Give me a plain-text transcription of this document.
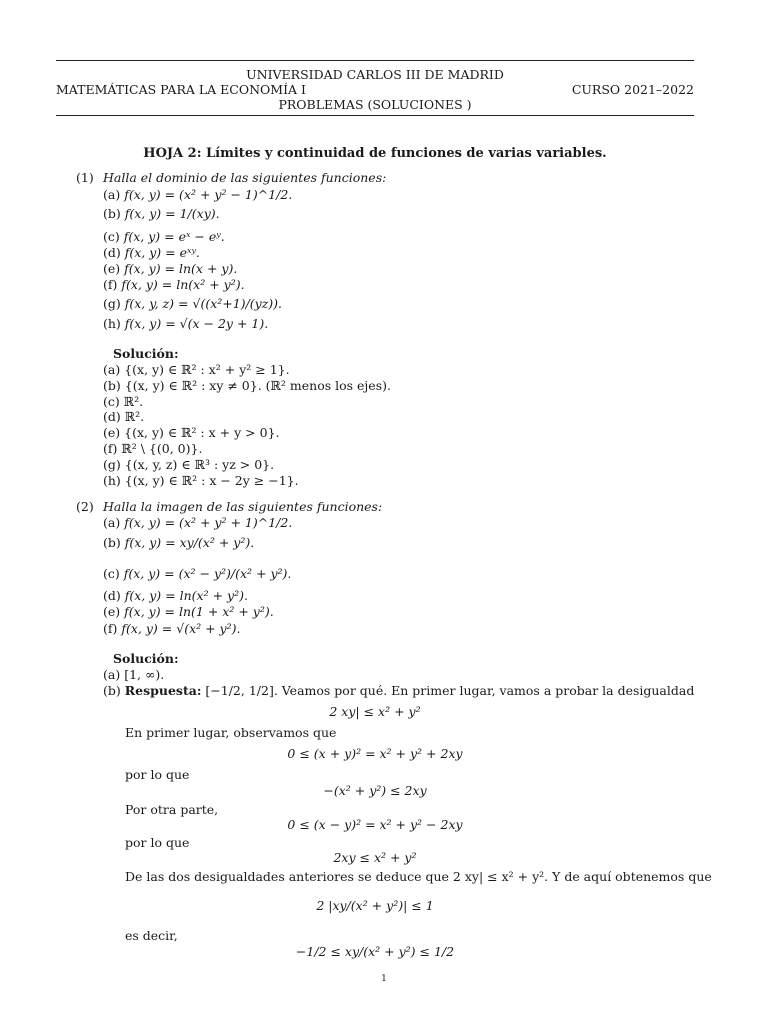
UNIVERSIDAD CARLOS III DE MADRID
MATEMÁTICAS PARA LA ECONOMÍA I	CURSO 2021–2022
PROBLEMAS (SOLUCIONES )
HOJA 2: Límites y continuidad de funciones de varias variables.
(1) Halla el dominio de las siguientes funciones:
(a) f(x, y) = (x² + y² − 1)^1/2.
(b) f(x, y) = 1/(xy).
(c) f(x, y) = eˣ − eʸ.
(d) f(x, y) = eˣʸ.
(e) f(x, y) = ln(x + y).
(f) f(x, y) = ln(x² + y²).
(g) f(x, y, z) = √((x²+1)/(yz)).
(h) f(x, y) = √(x − 2y + 1).
Solución:
(a) {(x, y) ∈ ℝ² : x² + y² ≥ 1}.
(b) {(x, y) ∈ ℝ² : xy ≠ 0}. (ℝ² menos los ejes).
(c) ℝ².
(d) ℝ².
(e) {(x, y) ∈ ℝ² : x + y > 0}.
(f) ℝ² \ {(0, 0)}.
(g) {(x, y, z) ∈ ℝ³ : yz > 0}.
(h) {(x, y) ∈ ℝ² : x − 2y ≥ −1}.
(2) Halla la imagen de las siguientes funciones:
(a) f(x, y) = (x² + y² + 1)^1/2.
(b) f(x, y) = xy/(x² + y²).
(c) f(x, y) = (x² − y²)/(x² + y²).
(d) f(x, y) = ln(x² + y²).
(e) f(x, y) = ln(1 + x² + y²).
(f) f(x, y) = √(x² + y²).
Solución:
(a) [1, ∞).
(b) Respuesta: [−1/2, 1/2]. Veamos por qué. En primer lugar, vamos a probar la desigualdad
2 xy| ≤ x² + y²
En primer lugar, observamos que
0 ≤ (x + y)² = x² + y² + 2xy
por lo que
−(x² + y²) ≤ 2xy
Por otra parte,
0 ≤ (x − y)² = x² + y² − 2xy
por lo que
2xy ≤ x² + y²
De las dos desigualdades anteriores se deduce que 2 xy| ≤ x² + y². Y de aquí obtenemos que
2 |xy/(x² + y²)| ≤ 1
es decir,
−1/2 ≤ xy/(x² + y²) ≤ 1/2
1
